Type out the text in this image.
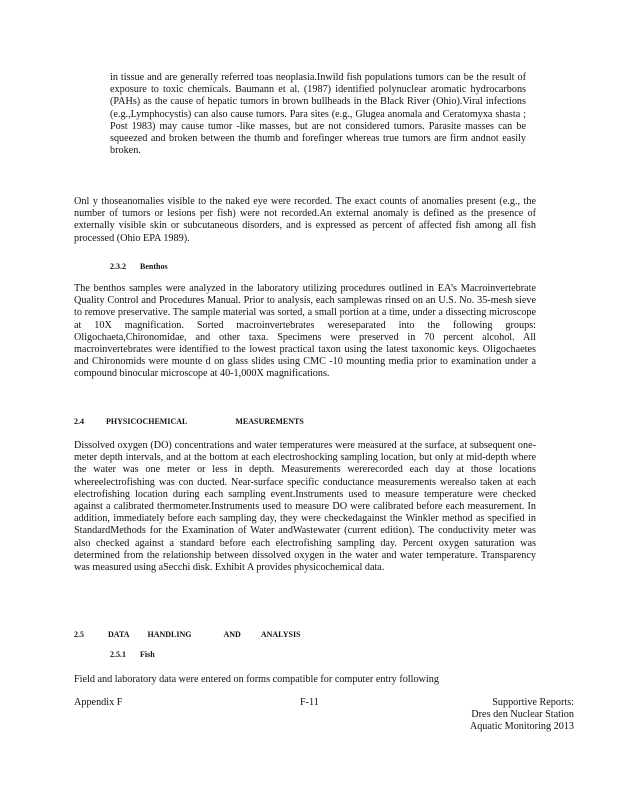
in tissue and are generally referred toas neoplasia.Inwild fish populations tumors can be the result of exposure to toxic chemicals. Baumann et al. (1987) identified polynuclear aromatic hydrocarbons (PAHs) as the cause of hepatic tumors in brown bullheads in the Black River (Ohio).Viral infections (e.g.,Lymphocystis) can also cause tumors. Para sites (e.g., Glugea anomala and Ceratomyxa shasta ; Post 1983) may cause tumor -like masses, but are not considered tumors. Parasite masses can be squeezed and broken between the thumb and forefinger whereas true tumors are firm andnot easily broken.

Onl y thoseanomalies visible to the naked eye were recorded. The exact counts of anomalies present (e.g., the number of tumors or lesions per fish) were not recorded.An external anomaly is defined as the presence of externally visible skin or subcutaneous disorders, and is expressed as percent of affected fish among all fish processed (Ohio EPA 1989).

2.3.2 Benthos

The benthos samples were analyzed in the laboratory utilizing procedures outlined in EA’s Macroinvertebrate Quality Control and Procedures Manual. Prior to analysis, each samplewas rinsed on an U.S. No. 35-mesh sieve to remove preservative. The sample material was sorted, a small portion at a time, under a dissecting microscope at 10X magnification. Sorted macroinvertebrates wereseparated into the following groups: Oligochaeta,Chironomidae, and other taxa. Specimens were preserved in 70 percent alcohol. All macroinvertebrates were identified to the lowest practical taxon using the latest taxonomic keys. Oligochaetes and Chironomids were mounte d on glass slides using CMC -10 mounting media prior to examination under a compound binocular microscope at 40-1,000X magnifications.

2.4	PHYSICOCHEMICAL	MEASUREMENTS

Dissolved oxygen (DO) concentrations and water temperatures were measured at the surface, at subsequent one-meter depth intervals, and at the bottom at each electroshocking sampling location, but only at mid-depth where the water was one meter or less in depth. Measurements wererecorded each day at those locations whereelectrofishing was con ducted. Near-surface specific conductance measurements werealso taken at each electrofishing location during each sampling event.Instruments used to measure temperature were checked against a calibrated thermometer.Instruments used to measure DO were calibrated before each measurement. In addition, immediately before each sampling day, they were checkedagainst the Winkler method as specified in StandardMethods for the Examination of Water andWastewater (current edition). The conductivity meter was also checked against a standard before each electrofishing sampling day. Percent oxygen saturation was determined from the relationship between dissolved oxygen in the water and water temperature. Transparency was measured using aSecchi disk. Exhibit A provides physicochemical data.

2.5	DATA HANDLING	AND	ANALYSIS
2.5.1 Fish

Field and laboratory data were entered on forms compatible for computer entry following

Appendix F	F-11	Supportive Reports:
Dres den Nuclear Station
Aquatic Monitoring 2013
